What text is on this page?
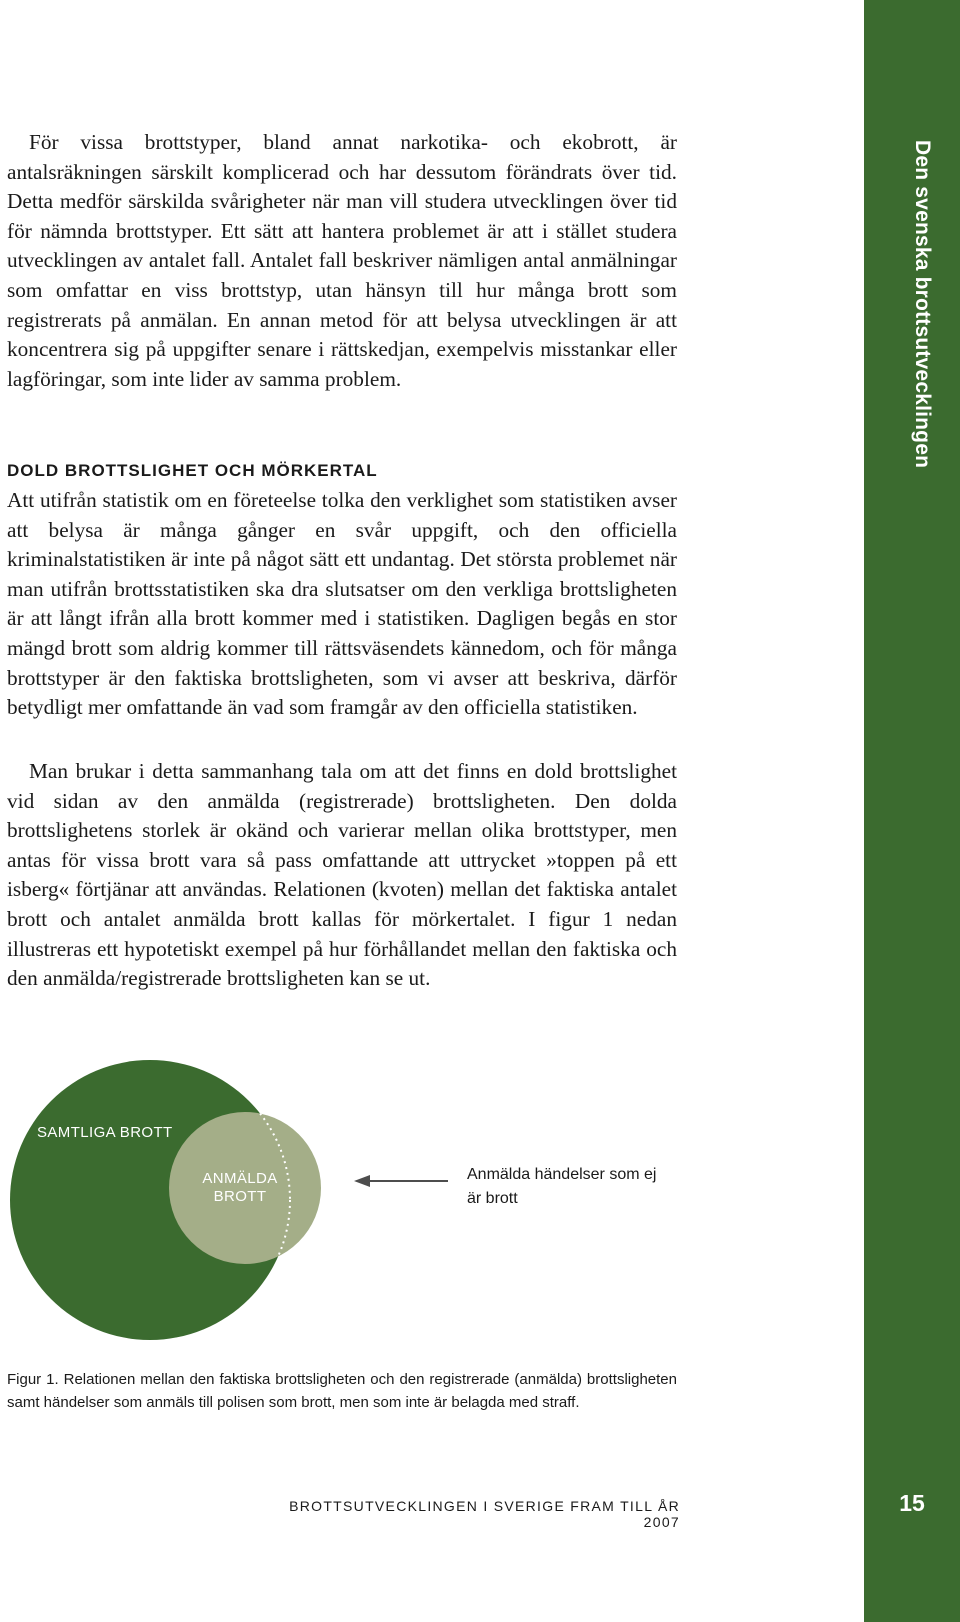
Den svenska brottsutvecklingen
15

För vissa brottstyper, bland annat narkotika- och ekobrott, är antalsräkningen särskilt komplicerad och har dessutom förändrats över tid. Detta medför särskilda svårigheter när man vill studera utvecklingen över tid för nämnda brottstyper. Ett sätt att hantera problemet är att i stället studera utvecklingen av antalet fall. Antalet fall beskriver nämligen antal anmälningar som omfattar en viss brottstyp, utan hänsyn till hur många brott som registrerats på anmälan. En annan metod för att belysa utvecklingen är att koncentrera sig på uppgifter senare i rättskedjan, exempelvis misstankar eller lagföringar, som inte lider av samma problem.

DOLD BROTTSLIGHET OCH MÖRKERTAL

Att utifrån statistik om en företeelse tolka den verklighet som statistiken avser att belysa är många gånger en svår uppgift, och den officiella kriminalstatistiken är inte på något sätt ett undantag. Det största problemet när man utifrån brottsstatistiken ska dra slutsatser om den verkliga brottsligheten är att långt ifrån alla brott kommer med i statistiken. Dagligen begås en stor mängd brott som aldrig kommer till rättsväsendets kännedom, och för många brottstyper är den faktiska brottsligheten, som vi avser att beskriva, därför betydligt mer omfattande än vad som framgår av den officiella statistiken.

Man brukar i detta sammanhang tala om att det finns en dold brottslighet vid sidan av den anmälda (registrerade) brottsligheten. Den dolda brottslighetens storlek är okänd och varierar mellan olika brottstyper, men antas för vissa brott vara så pass omfattande att uttrycket »toppen på ett isberg« förtjänar att användas. Relationen (kvoten) mellan det faktiska antalet brott och antalet anmälda brott kallas för mörkertalet. I figur 1 nedan illustreras ett hypotetiskt exempel på hur förhållandet mellan den faktiska och den anmälda/registrerade brottsligheten kan se ut.

SAMTLIGA BROTT
ANMÄLDA BROTT
Anmälda händelser som ej är brott

Figur 1. Relationen mellan den faktiska brottsligheten och den registrerade (anmälda) brottsligheten samt händelser som anmäls till polisen som brott, men som inte är belagda med straff.

BROTTSUTVECKLINGEN I SVERIGE FRAM TILL ÅR 2007
